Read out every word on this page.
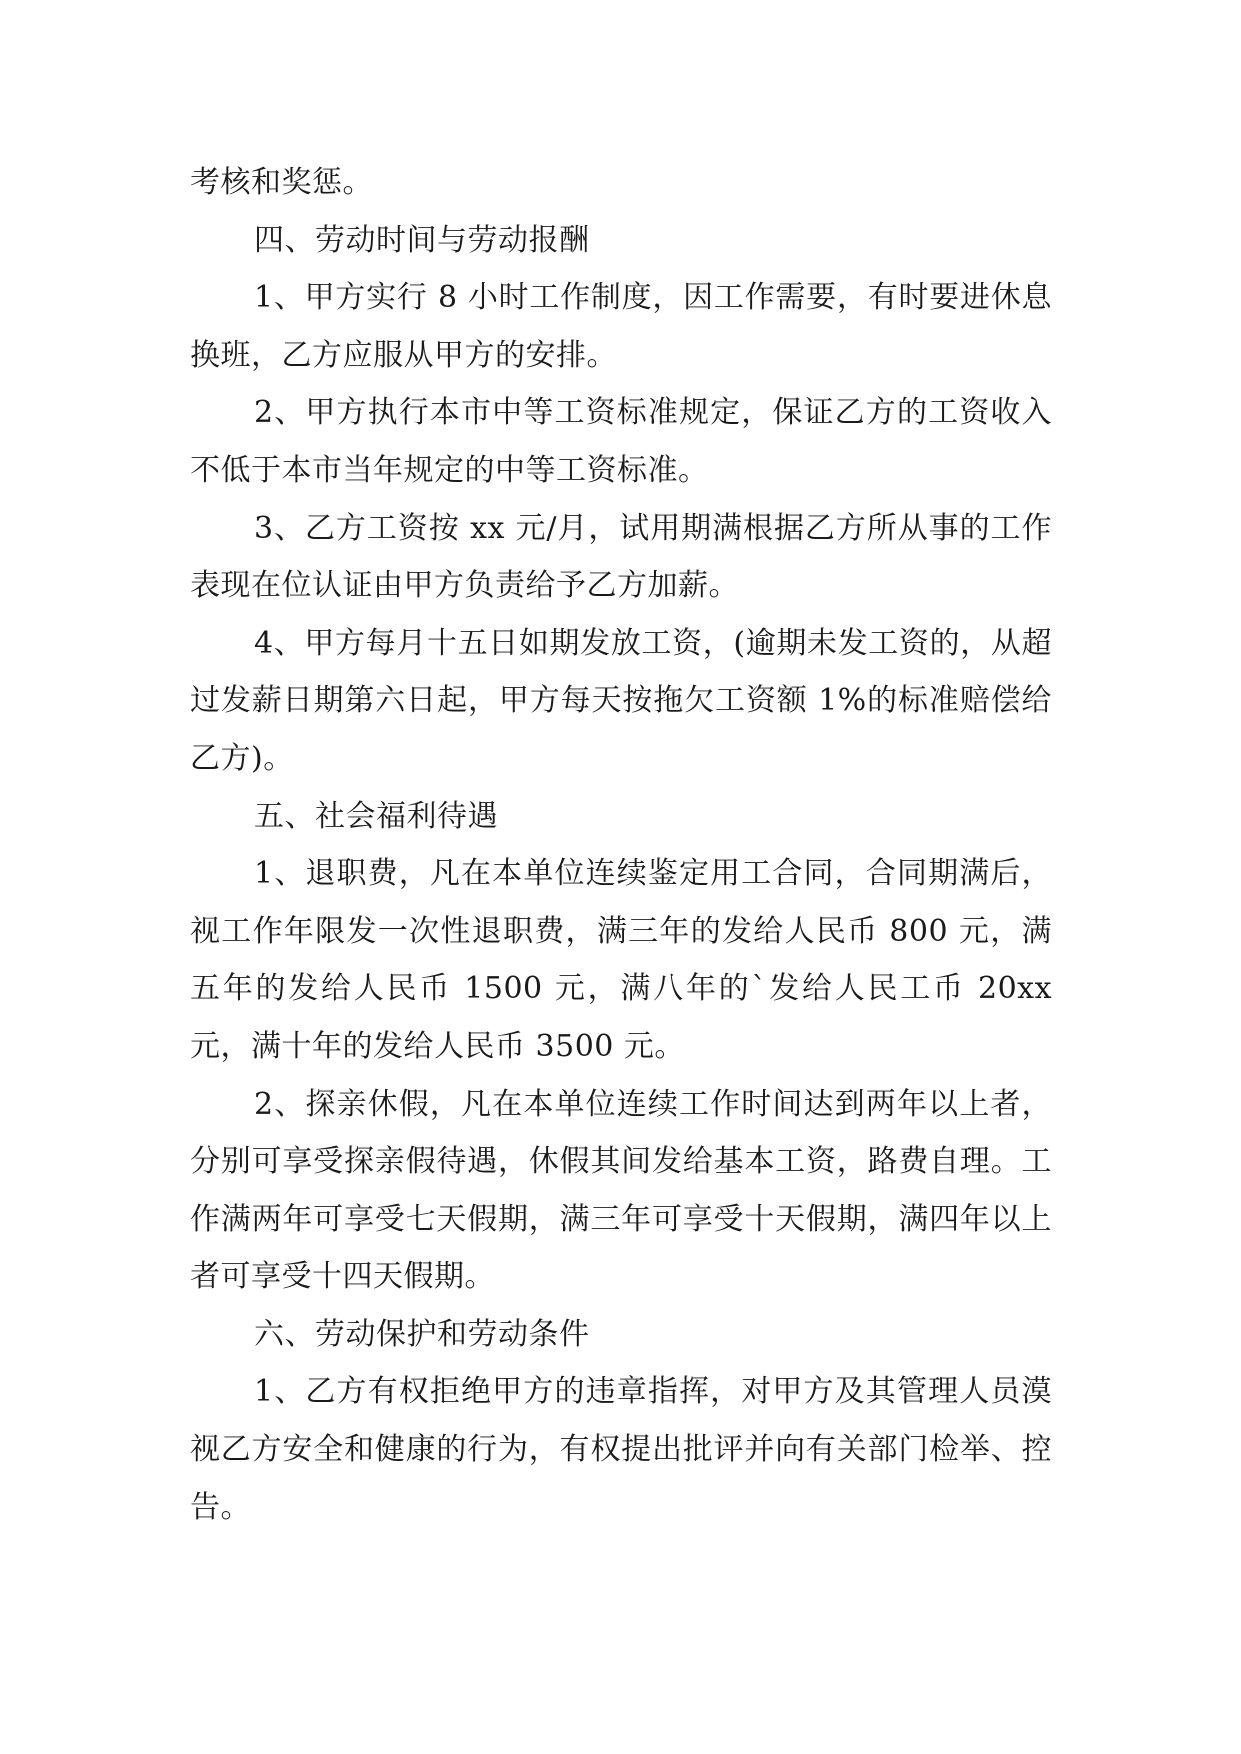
考核和奖惩。

四、劳动时间与劳动报酬

1、甲方实行 8 小时工作制度，因工作需要，有时要进休息换班，乙方应服从甲方的安排。

2、甲方执行本市中等工资标准规定，保证乙方的工资收入不低于本市当年规定的中等工资标准。

3、乙方工资按 xx 元/月，试用期满根据乙方所从事的工作表现在位认证由甲方负责给予乙方加薪。

4、甲方每月十五日如期发放工资，(逾期未发工资的，从超过发薪日期第六日起，甲方每天按拖欠工资额 1%的标准赔偿给乙方)。

五、社会福利待遇

1、退职费，凡在本单位连续鉴定用工合同，合同期满后，视工作年限发一次性退职费，满三年的发给人民币 800 元，满五年的发给人民币 1500 元，满八年的`发给人民工币 20xx 元，满十年的发给人民币 3500 元。

2、探亲休假，凡在本单位连续工作时间达到两年以上者，分别可享受探亲假待遇，休假其间发给基本工资，路费自理。工作满两年可享受七天假期，满三年可享受十天假期，满四年以上者可享受十四天假期。

六、劳动保护和劳动条件

1、乙方有权拒绝甲方的违章指挥，对甲方及其管理人员漠视乙方安全和健康的行为，有权提出批评并向有关部门检举、控告。
